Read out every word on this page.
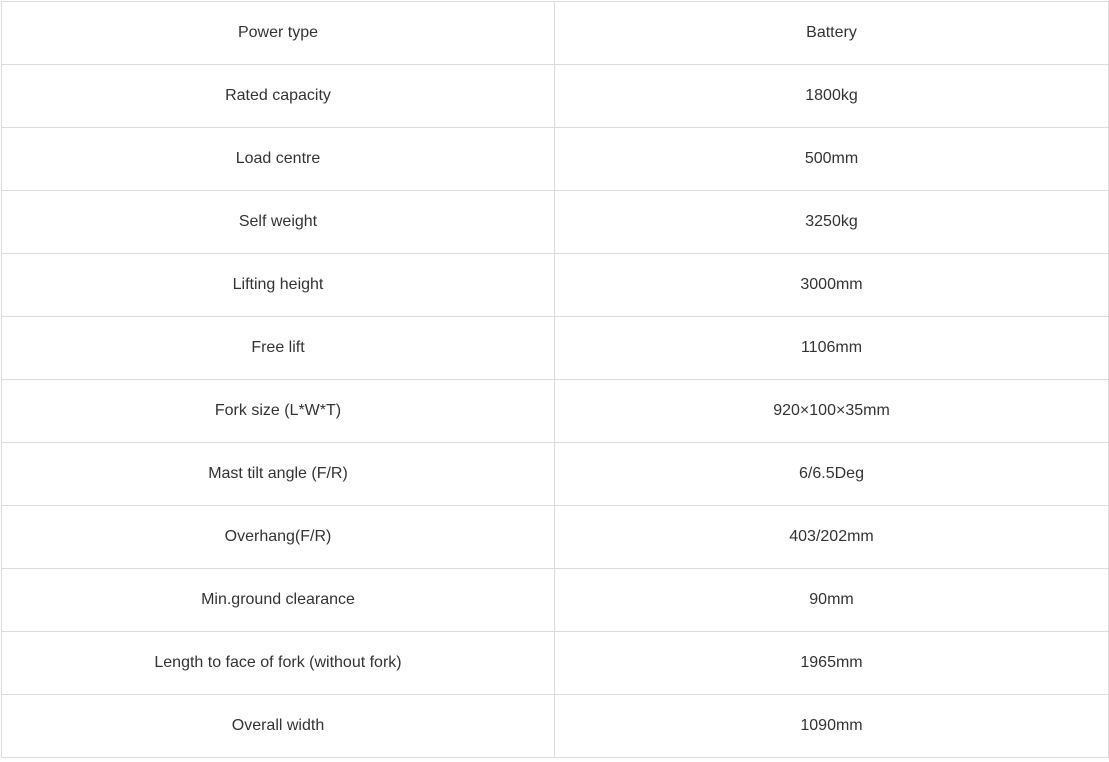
Power type	Battery
Rated capacity	1800kg
Load centre	500mm
Self weight	3250kg
Lifting height	3000mm
Free lift	1106mm
Fork size (L*W*T)	920×100×35mm
Mast tilt angle (F/R)	6/6.5Deg
Overhang(F/R)	403/202mm
Min.ground clearance	90mm
Length to face of fork (without fork)	1965mm
Overall width	1090mm
